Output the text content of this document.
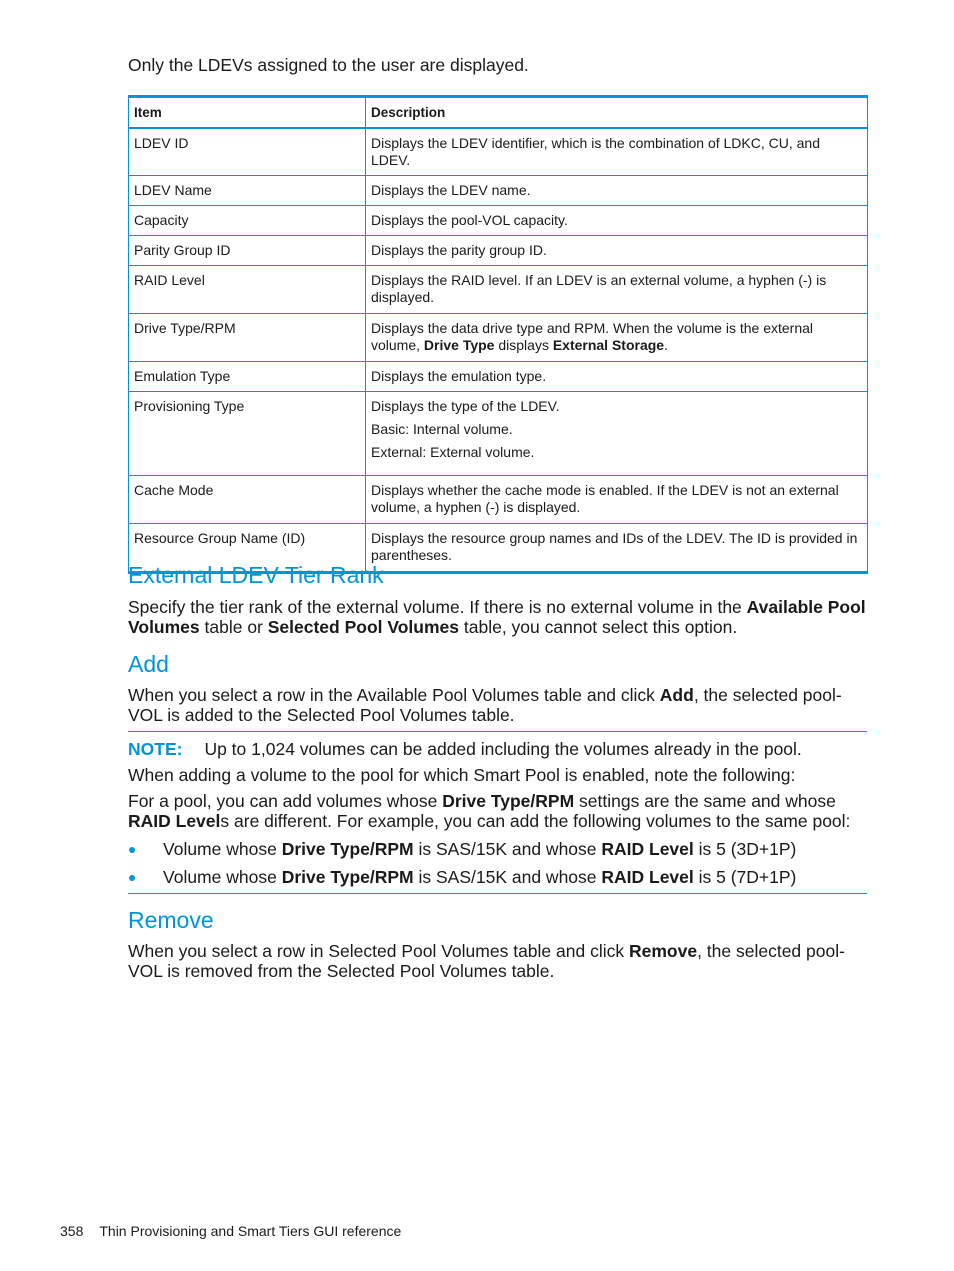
Only the LDEVs assigned to the user are displayed.
Item	Description
LDEV ID	Displays the LDEV identifier, which is the combination of LDKC, CU, and LDEV.
LDEV Name	Displays the LDEV name.
Capacity	Displays the pool-VOL capacity.
Parity Group ID	Displays the parity group ID.
RAID Level	Displays the RAID level. If an LDEV is an external volume, a hyphen (-) is displayed.
Drive Type/RPM	Displays the data drive type and RPM. When the volume is the external volume, Drive Type displays External Storage.
Emulation Type	Displays the emulation type.
Provisioning Type	Displays the type of the LDEV.

Basic: Internal volume.

External: External volume.

Cache Mode	Displays whether the cache mode is enabled. If the LDEV is not an external volume, a hyphen (-) is displayed.
Resource Group Name (ID)	Displays the resource group names and IDs of the LDEV. The ID is provided in parentheses.
External LDEV Tier Rank

Specify the tier rank of the external volume. If there is no external volume in the Available Pool Volumes table or Selected Pool Volumes table, you cannot select this option.

Add

When you select a row in the Available Pool Volumes table and click Add, the selected pool-VOL is added to the Selected Pool Volumes table.

NOTE: Up to 1,024 volumes can be added including the volumes already in the pool.

When adding a volume to the pool for which Smart Pool is enabled, note the following:

For a pool, you can add volumes whose Drive Type/RPM settings are the same and whose RAID Levels are different. For example, you can add the following volumes to the same pool:

● Volume whose Drive Type/RPM is SAS/15K and whose RAID Level is 5 (3D+1P)
● Volume whose Drive Type/RPM is SAS/15K and whose RAID Level is 5 (7D+1P)
Remove

When you select a row in Selected Pool Volumes table and click Remove, the selected pool-VOL is removed from the Selected Pool Volumes table.

358 Thin Provisioning and Smart Tiers GUI reference
